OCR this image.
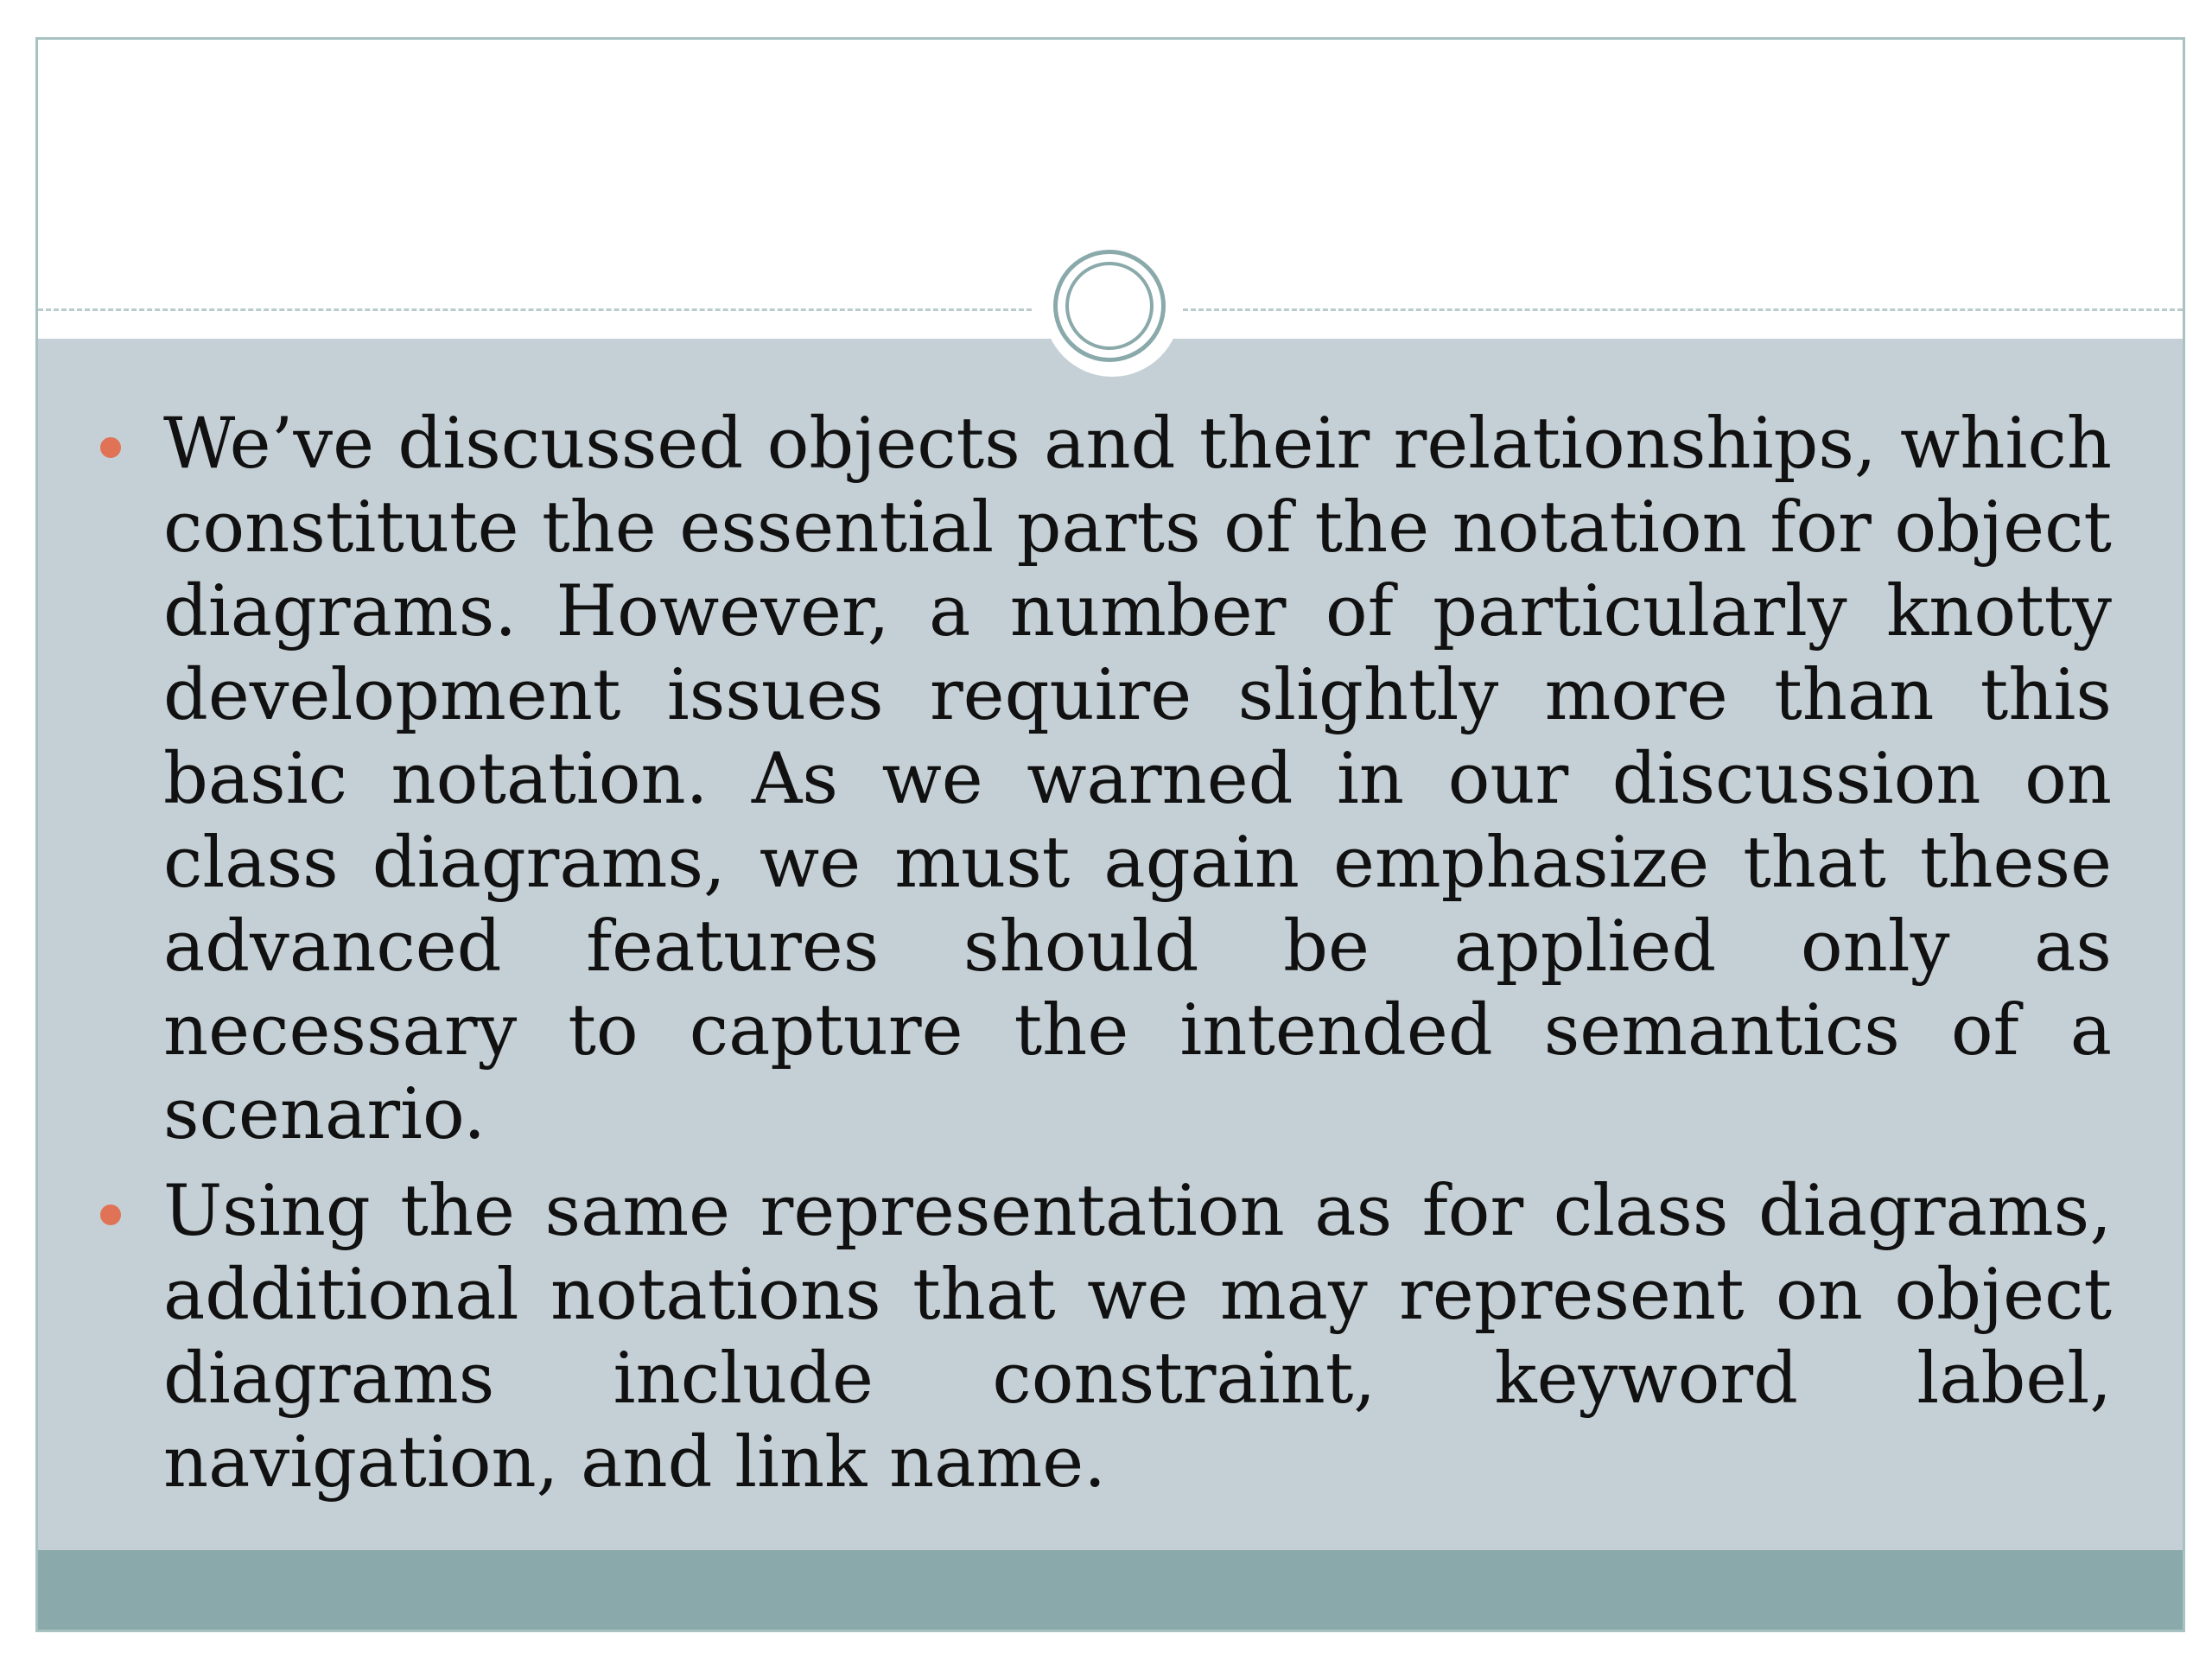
We’ve discussed objects and their relationships, which constitute the essential parts of the notation for object diagrams. However, a number of particularly knotty development issues require slightly more than this basic notation. As we warned in our discussion on class diagrams, we must again emphasize that these advanced features should be applied only as necessary to capture the intended semantics of a scenario.
Using the same representation as for class diagrams, additional notations that we may represent on object diagrams include constraint, keyword label, navigation, and link name.
